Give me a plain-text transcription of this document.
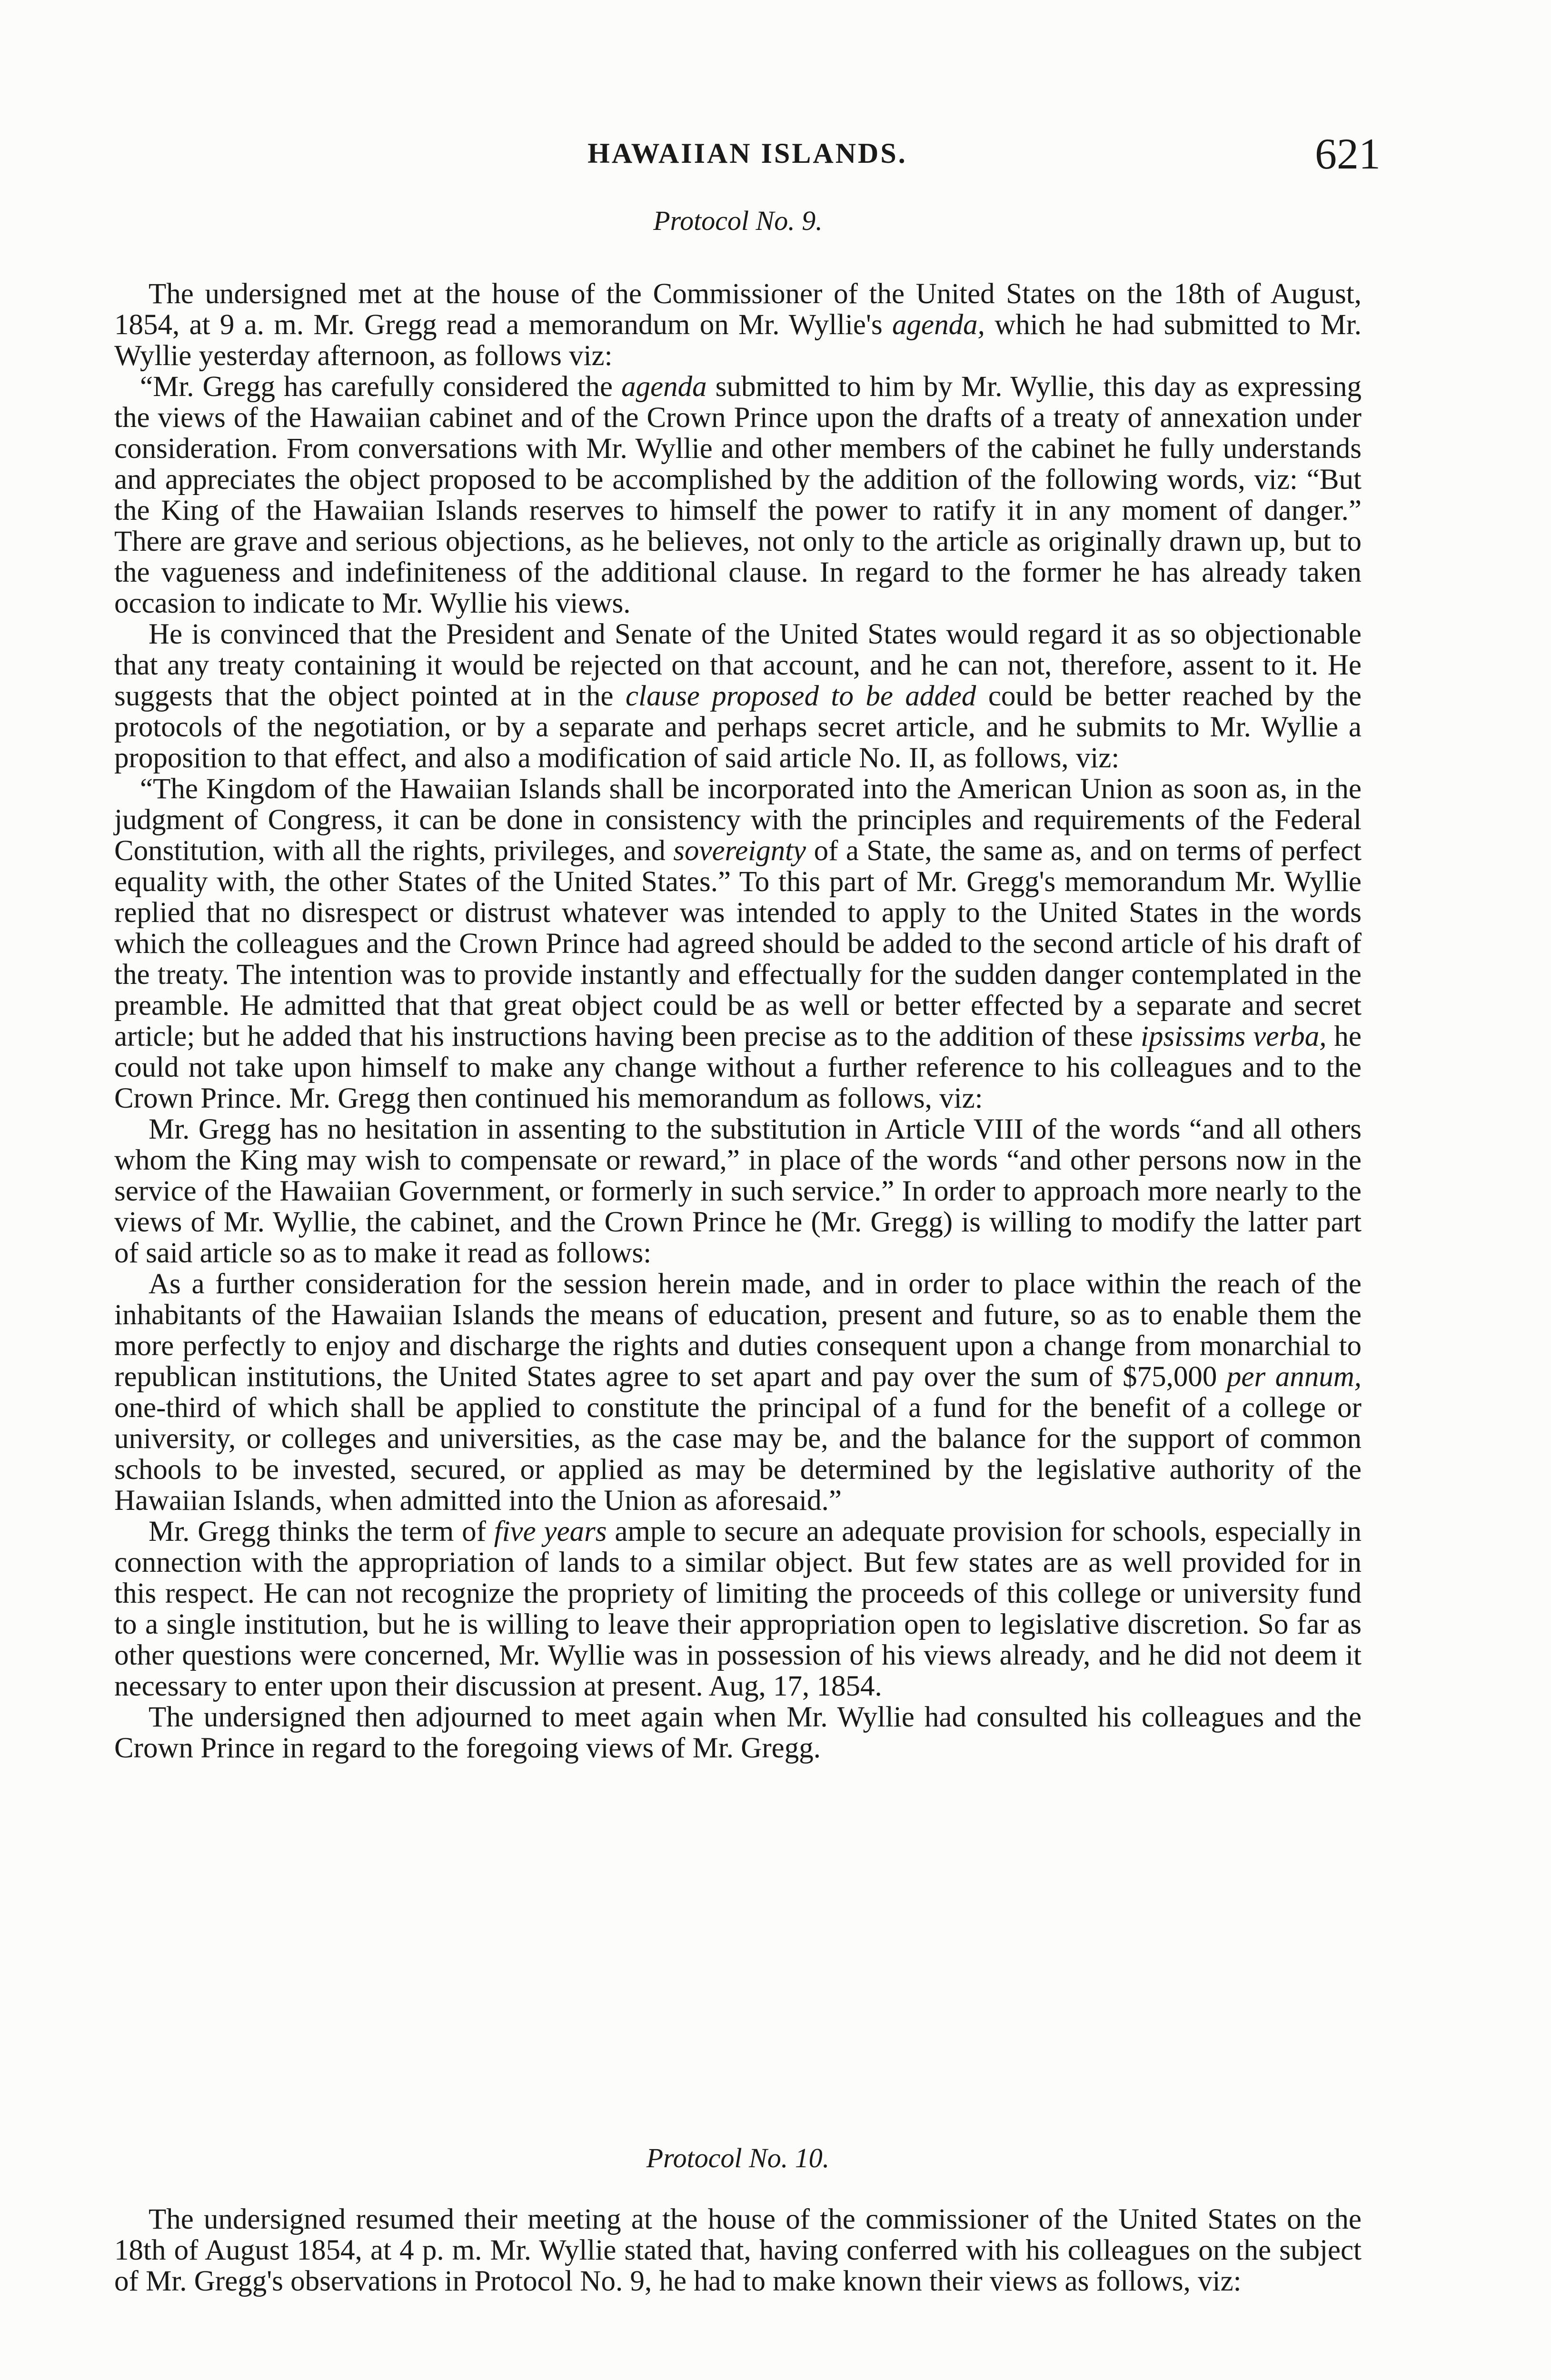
HAWAIIAN ISLANDS.	621
Protocol No. 9.

The undersigned met at the house of the Commissioner of the United States on the 18th of August, 1854, at 9 a. m. Mr. Gregg read a memorandum on Mr. Wyllie's agenda, which he had submitted to Mr. Wyllie yesterday afternoon, as follows viz:

“Mr. Gregg has carefully considered the agenda submitted to him by Mr. Wyllie, this day as expressing the views of the Hawaiian cabinet and of the Crown Prince upon the drafts of a treaty of annexation under consideration. From conversations with Mr. Wyllie and other members of the cabinet he fully understands and appreciates the object proposed to be accomplished by the addition of the following words, viz: “But the King of the Hawaiian Islands reserves to himself the power to ratify it in any moment of danger.” There are grave and serious objections, as he believes, not only to the article as originally drawn up, but to the vagueness and indefiniteness of the additional clause. In regard to the former he has already taken occasion to indicate to Mr. Wyllie his views.

He is convinced that the President and Senate of the United States would regard it as so objectionable that any treaty containing it would be rejected on that account, and he can not, therefore, assent to it. He suggests that the object pointed at in the clause proposed to be added could be better reached by the protocols of the negotiation, or by a separate and perhaps secret article, and he submits to Mr. Wyllie a proposition to that effect, and also a modification of said article No. II, as follows, viz:

“The Kingdom of the Hawaiian Islands shall be incorporated into the American Union as soon as, in the judgment of Congress, it can be done in consistency with the principles and requirements of the Federal Constitution, with all the rights, privileges, and sovereignty of a State, the same as, and on terms of perfect equality with, the other States of the United States.” To this part of Mr. Gregg's memorandum Mr. Wyllie replied that no disrespect or distrust whatever was intended to apply to the United States in the words which the colleagues and the Crown Prince had agreed should be added to the second article of his draft of the treaty. The intention was to provide instantly and effectually for the sudden danger contemplated in the preamble. He admitted that that great object could be as well or better effected by a separate and secret article; but he added that his instructions having been precise as to the addition of these ipsissims verba, he could not take upon himself to make any change without a further reference to his colleagues and to the Crown Prince. Mr. Gregg then continued his memorandum as follows, viz:

Mr. Gregg has no hesitation in assenting to the substitution in Article VIII of the words “and all others whom the King may wish to compensate or reward,” in place of the words “and other persons now in the service of the Hawaiian Government, or formerly in such service.” In order to approach more nearly to the views of Mr. Wyllie, the cabinet, and the Crown Prince he (Mr. Gregg) is willing to modify the latter part of said article so as to make it read as follows:

As a further consideration for the session herein made, and in order to place within the reach of the inhabitants of the Hawaiian Islands the means of education, present and future, so as to enable them the more perfectly to enjoy and discharge the rights and duties consequent upon a change from monarchial to republican institutions, the United States agree to set apart and pay over the sum of $75,000 per annum, one-third of which shall be applied to constitute the principal of a fund for the benefit of a college or university, or colleges and universities, as the case may be, and the balance for the support of common schools to be invested, secured, or applied as may be determined by the legislative authority of the Hawaiian Islands, when admitted into the Union as aforesaid.”

Mr. Gregg thinks the term of five years ample to secure an adequate provision for schools, especially in connection with the appropriation of lands to a similar object. But few states are as well provided for in this respect. He can not recognize the propriety of limiting the proceeds of this college or university fund to a single institution, but he is willing to leave their appropriation open to legislative discretion. So far as other questions were concerned, Mr. Wyllie was in possession of his views already, and he did not deem it necessary to enter upon their discussion at present. Aug, 17, 1854.

The undersigned then adjourned to meet again when Mr. Wyllie had consulted his colleagues and the Crown Prince in regard to the foregoing views of Mr. Gregg.

Protocol No. 10.

The undersigned resumed their meeting at the house of the commissioner of the United States on the 18th of August 1854, at 4 p. m. Mr. Wyllie stated that, having conferred with his colleagues on the subject of Mr. Gregg's observations in Protocol No. 9, he had to make known their views as follows, viz:
